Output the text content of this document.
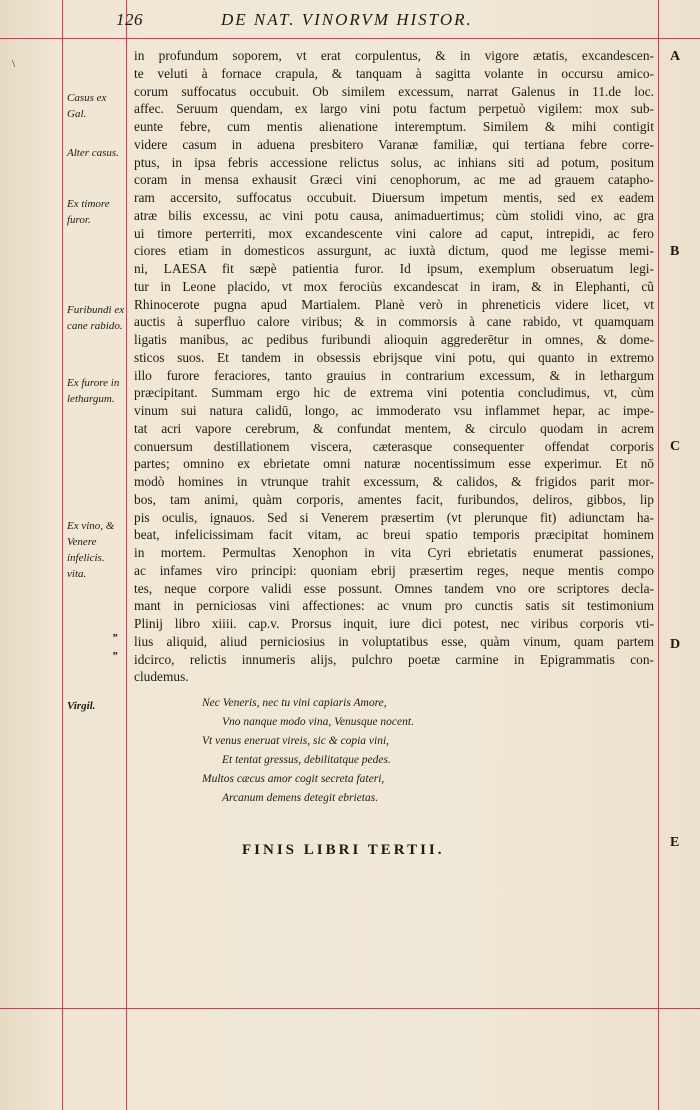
\
126	DE NAT. VINORVM HISTOR.
Casus ex Gal.
Alter casus.
Ex timore furor.
Furibundi ex cane rabido.
Ex furore in lethargum.
Ex vino, & Venere infelicis. vita.
”
”
Virgil.
in profundum soporem, vt erat corpulentus, & in vigore ætatis, excandescen-
te veluti à fornace crapula, & tanquam à sagitta volante in occursu amico-
corum suffocatus occubuit. Ob similem excessum, narrat Galenus in 11.de loc.
affec. Seruum quendam, ex largo vini potu factum perpetuò vigilem: mox sub-
eunte febre, cum mentis alienatione interemptum. Similem & mihi contigit
videre casum in aduena presbitero Varanæ familiæ, qui tertiana febre corre-
ptus, in ipsa febris accessione relictus solus, ac inhians siti ad potum, positum
coram in mensa exhausit Græci vini cenophorum, ac me ad grauem catapho-
ram accersito, suffocatus occubuit. Diuersum impetum mentis, sed ex eadem
atræ bilis excessu, ac vini potu causa, animaduertimus; cùm stolidi vino, ac gra
ui timore perterriti, mox excandescente vini calore ad caput, intrepidi, ac fero
ciores etiam in domesticos assurgunt, ac iuxtà dictum, quod me legisse memi-
ni, LAESA fit sæpè patientia furor. Id ipsum, exemplum obseruatum legi-
tur in Leone placido, vt mox ferociùs excandescat in iram, & in Elephanti, cũ
Rhinocerote pugna apud Martialem. Planè verò in phreneticis videre licet, vt
auctis à superfluo calore viribus; & in commorsis à cane rabido, vt quamquam
ligatis manibus, ac pedibus furibundi alioquin aggrederētur in omnes, & dome-
sticos suos. Et tandem in obsessis ebrijsque vini potu, qui quanto in extremo
illo furore feraciores, tanto grauius in contrarium excessum, & in lethargum
præcipitant. Summam ergo hic de extrema vini potentia concludimus, vt, cùm
vinum sui natura calidū, longo, ac immoderato vsu inflammet hepar, ac impe-
tat acri vapore cerebrum, & confundat mentem, & circulo quodam in acrem
conuersum destillationem viscera, cæterasque consequenter offendat corporis
partes; omnino ex ebrietate omni naturæ nocentissimum esse experimur. Et nō
modò homines in vtrunque trahit excessum, & calidos, & frigidos parit mor-
bos, tam animi, quàm corporis, amentes facit, furibundos, deliros, gibbos, lip
pis oculis, ignauos. Sed si Venerem præsertim (vt plerunque fit) adiunctam ha-
beat, infelicissimam facit vitam, ac breui spatio temporis præcipitat hominem
in mortem. Permultas Xenophon in vita Cyri ebrietatis enumerat passiones,
ac infames viro principi: quoniam ebrij præsertim reges, neque mentis compo
tes, neque corpore validi esse possunt. Omnes tandem vno ore scriptores decla-
mant in perniciosas vini affectiones: ac vnum pro cunctis satis sit testimonium
Plinij libro xiiii. cap.v. Prorsus inquit, iure dici potest, nec viribus corporis vti-
lius aliquid, aliud perniciosius in voluptatibus esse, quàm vinum, quam partem
idcirco, relictis innumeris alijs, pulchro poetæ carmine in Epigrammatis con-
cludemus.
Nec Veneris, nec tu vini capiaris Amore,
Vno nanque modo vina, Venusque nocent.
Vt venus eneruat vireis, sic & copia vini,
Et tentat gressus, debilitatque pedes.
Multos cæcus amor cogit secreta fateri,
Arcanum demens detegit ebrietas.
FINIS LIBRI TERTII.
A
B
C
D
E
